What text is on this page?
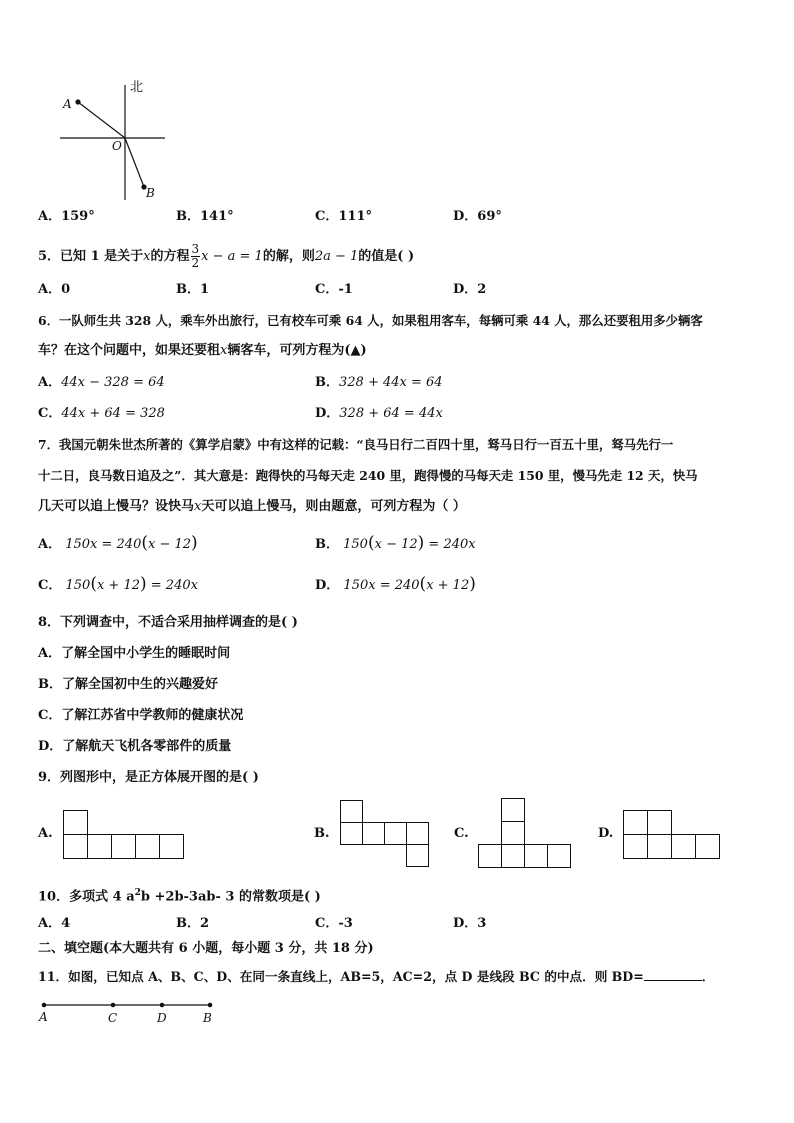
北
A
O
B
A．159°	B．141°	C．111°	D．69°
5．已知 1 是关于x的方程 $\frac{3}{2}$ x − a = 1的解，则2a − 1的值是( )
A．0	B．1	C．-1	D．2
6．一队师生共 328 人，乘车外出旅行，已有校车可乘 64 人，如果租用客车，每辆可乘 44 人，那么还要租用多少辆客
车？在这个问题中，如果还要租x辆客车，可列方程为(▲)
A．44x − 328 = 64	B．328 + 44x = 64
C．44x + 64 = 328	D．328 + 64 = 44x
7．我国元朝朱世杰所著的《算学启蒙》中有这样的记载：“良马日行二百四十里，驽马日行一百五十里，驽马先行一
十二日，良马数日追及之”．其大意是：跑得快的马每天走 240 里，跑得慢的马每天走 150 里，慢马先走 12 天，快马
几天可以追上慢马？设快马x天可以追上慢马，则由题意，可列方程为（ ）
A． 150x = 240(x − 12)	B． 150(x − 12) = 240x
C． 150(x + 12) = 240x	D． 150x = 240(x + 12)
8．下列调查中，不适合采用抽样调查的是( )
A．了解全国中小学生的睡眠时间
B．了解全国初中生的兴趣爱好
C．了解江苏省中学教师的健康状况
D．了解航天飞机各零部件的质量
9．列图形中，是正方体展开图的是( )
A.	B.	C.	D.
10．多项式 4 $a^2b +2b-3ab-$ 3 的常数项是( )
A．4	B．2	C．-3	D．3
二、填空题(本大题共有 6 小题，每小题 3 分，共 18 分)
11．如图，已知点 A、B、C、D、在同一条直线上，AB=5，AC=2，点 D 是线段 BC 的中点．则 BD=	．
A	C	D	B
